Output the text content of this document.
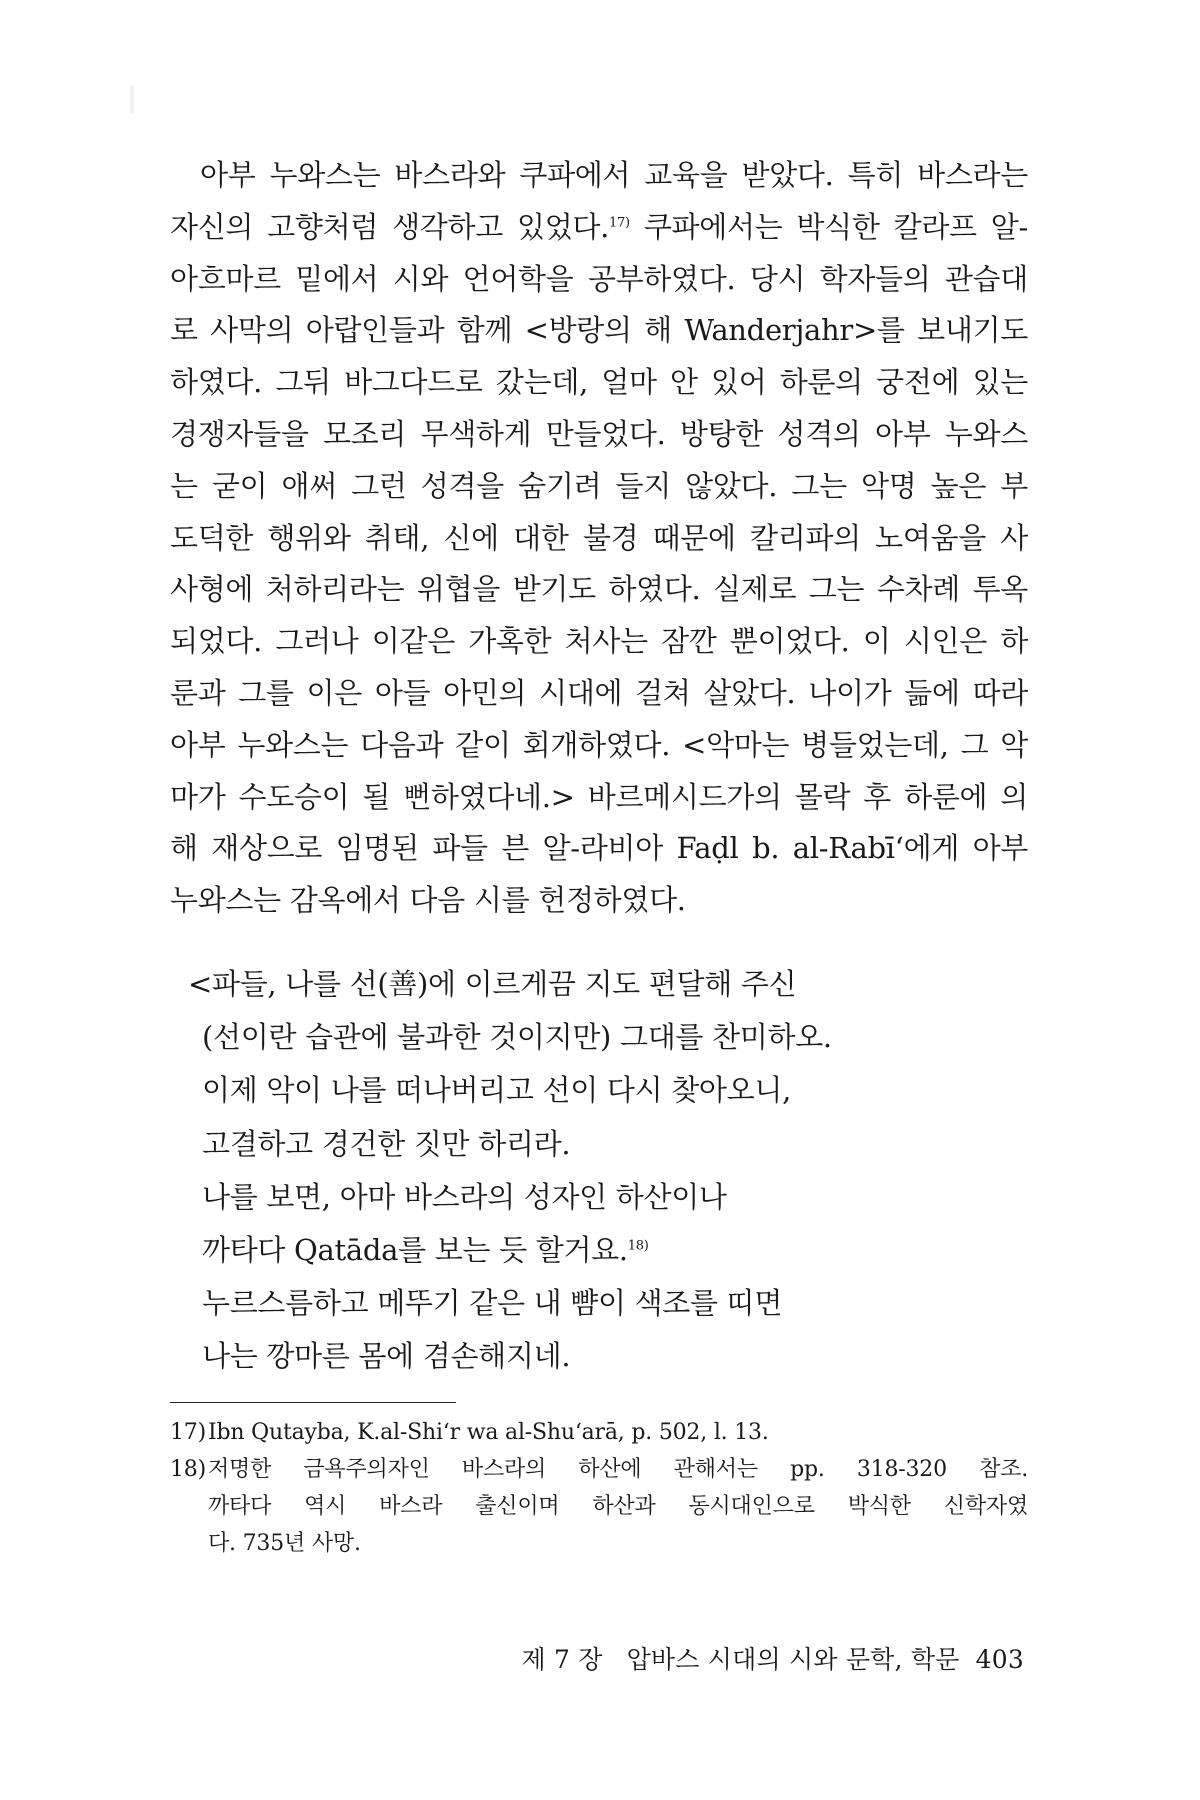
아부 누와스는 바스라와 쿠파에서 교육을 받았다. 특히 바스라는
자신의 고향처럼 생각하고 있었다.$^{17)}$ 쿠파에서는 박식한 칼라프 알-
아흐마르 밑에서 시와 언어학을 공부하였다. 당시 학자들의 관습대
로 사막의 아랍인들과 함께 <방랑의 해 Wanderjahr>를 보내기도
하였다. 그뒤 바그다드로 갔는데, 얼마 안 있어 하룬의 궁전에 있는
경쟁자들을 모조리 무색하게 만들었다. 방탕한 성격의 아부 누와스
는 굳이 애써 그런 성격을 숨기려 들지 않았다. 그는 악명 높은 부
도덕한 행위와 취태, 신에 대한 불경 때문에 칼리파의 노여움을 사
사형에 처하리라는 위협을 받기도 하였다. 실제로 그는 수차례 투옥
되었다. 그러나 이같은 가혹한 처사는 잠깐 뿐이었다. 이 시인은 하
룬과 그를 이은 아들 아민의 시대에 걸쳐 살았다. 나이가 듦에 따라
아부 누와스는 다음과 같이 회개하였다. <악마는 병들었는데, 그 악
마가 수도승이 될 뻔하였다네.> 바르메시드가의 몰락 후 하룬에 의
해 재상으로 임명된 파들 븐 알-라비아 Faḍl b. al-Rabī‘에게 아부
누와스는 감옥에서 다음 시를 헌정하였다.
<파들, 나를 선(善)에 이르게끔 지도 편달해 주신
(선이란 습관에 불과한 것이지만) 그대를 찬미하오.
이제 악이 나를 떠나버리고 선이 다시 찾아오니,
고결하고 경건한 짓만 하리라.
나를 보면, 아마 바스라의 성자인 하산이나
까타다 Qatāda를 보는 듯 할거요.$^{18)}$
누르스름하고 메뚜기 같은 내 뺨이 색조를 띠면
나는 깡마른 몸에 겸손해지네.
17) Ibn Qutayba, K.al-Shi‘r wa al-Shu‘arā, p. 502, l. 13.
18) 저명한 금욕주의자인 바스라의 하산에 관해서는 pp. 318-320 참조.
까타다 역시 바스라 출신이며 하산과 동시대인으로 박식한 신학자였
다. 735년 사망.
제 7 장 압바스 시대의 시와 문학, 학문 403
